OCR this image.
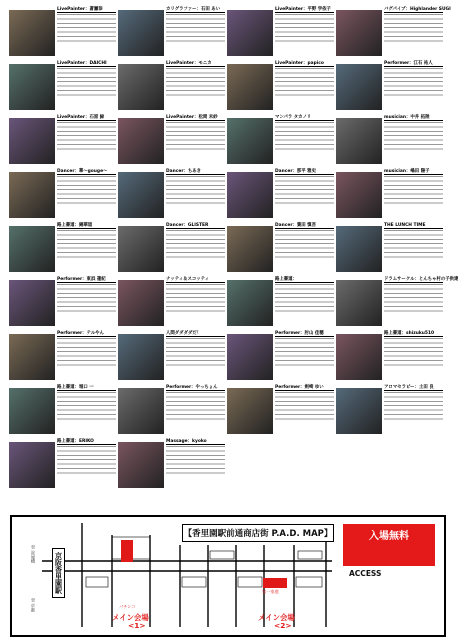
LivePainter：蒼瀬恭	カリグラファー：石田 あい	LivePainter：平野 学依子	バグパイプ：Highlander SUGI
LivePainter：DAICHI	LivePainter：モニカ	LivePainter：papico	Performer：江石 祐人
LivePainter：石原 緑	LivePainter：松岡 未紗	マンパラ タカノリ	musician：中井 拓陸
Dancer：華～gouge～	Dancer：ちあき	Dancer：那平 雅史	musician：嶋田 陽子
路上書道：錦華道	Dancer：GLISTER	Dancer：葉田 慎吾	THE LUNCH TIME
Performer：東浜 蓮紀	ナッティ＆スコッティ	路上書道：	ドラムサークル：とんちゃ村の子供達
Performer：テルやん	人間ダダダダだ！	Performer：肘山 佳穂	路上書道：shizuku510
路上書道：堀口 一	Performer：やっちょん	Performer：剣崎 ゆい	アロマセラピー：土田 良
路上書道：ERIKO	Massage：kyoko
【香里園駅前通商店街 P.A.D. MAP】
京阪香里園駅
至 淀屋橋
至 京都	パチンコ
第一家庭
メイン会場
<1>
メイン会場
<2>
入場無料
ACCESS
